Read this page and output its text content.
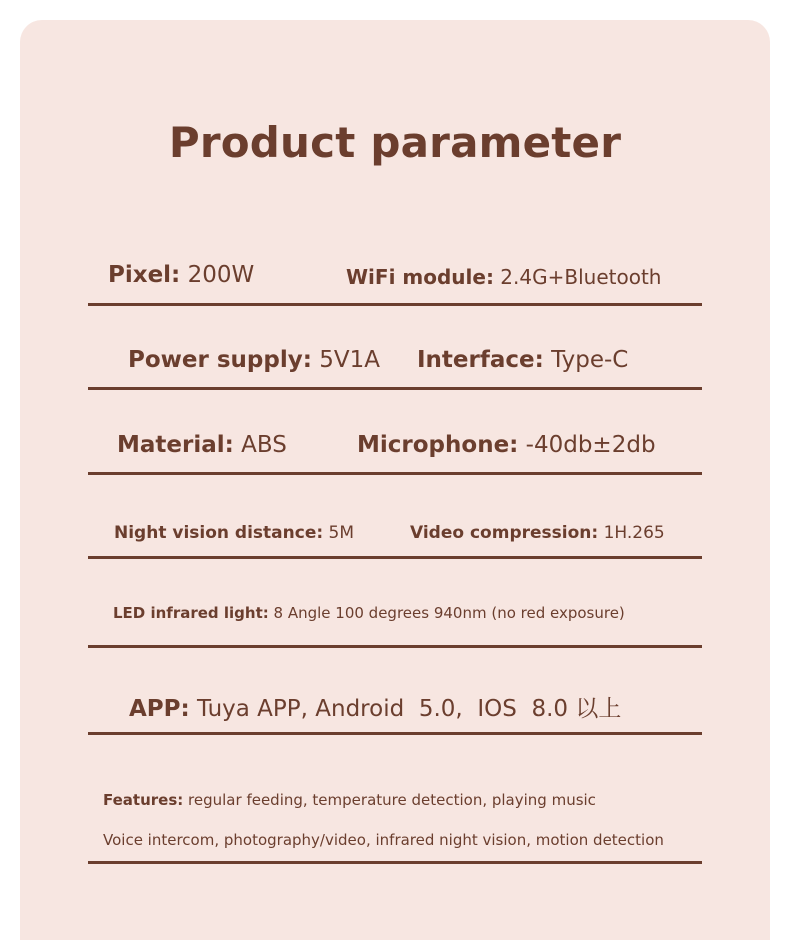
Product parameter
Pixel: 200W	WiFi module: 2.4G+Bluetooth
Power supply: 5V1A Interface: Type-C
Material: ABS	Microphone: -40db±2db
Night vision distance: 5M	Video compression: 1H.265
LED infrared light: 8 Angle 100 degrees 940nm (no red exposure)
APP: Tuya APP, Android  5.0,  IOS  8.0 以上
Features: regular feeding, temperature detection, playing music
Voice intercom, photography/video, infrared night vision, motion detection
